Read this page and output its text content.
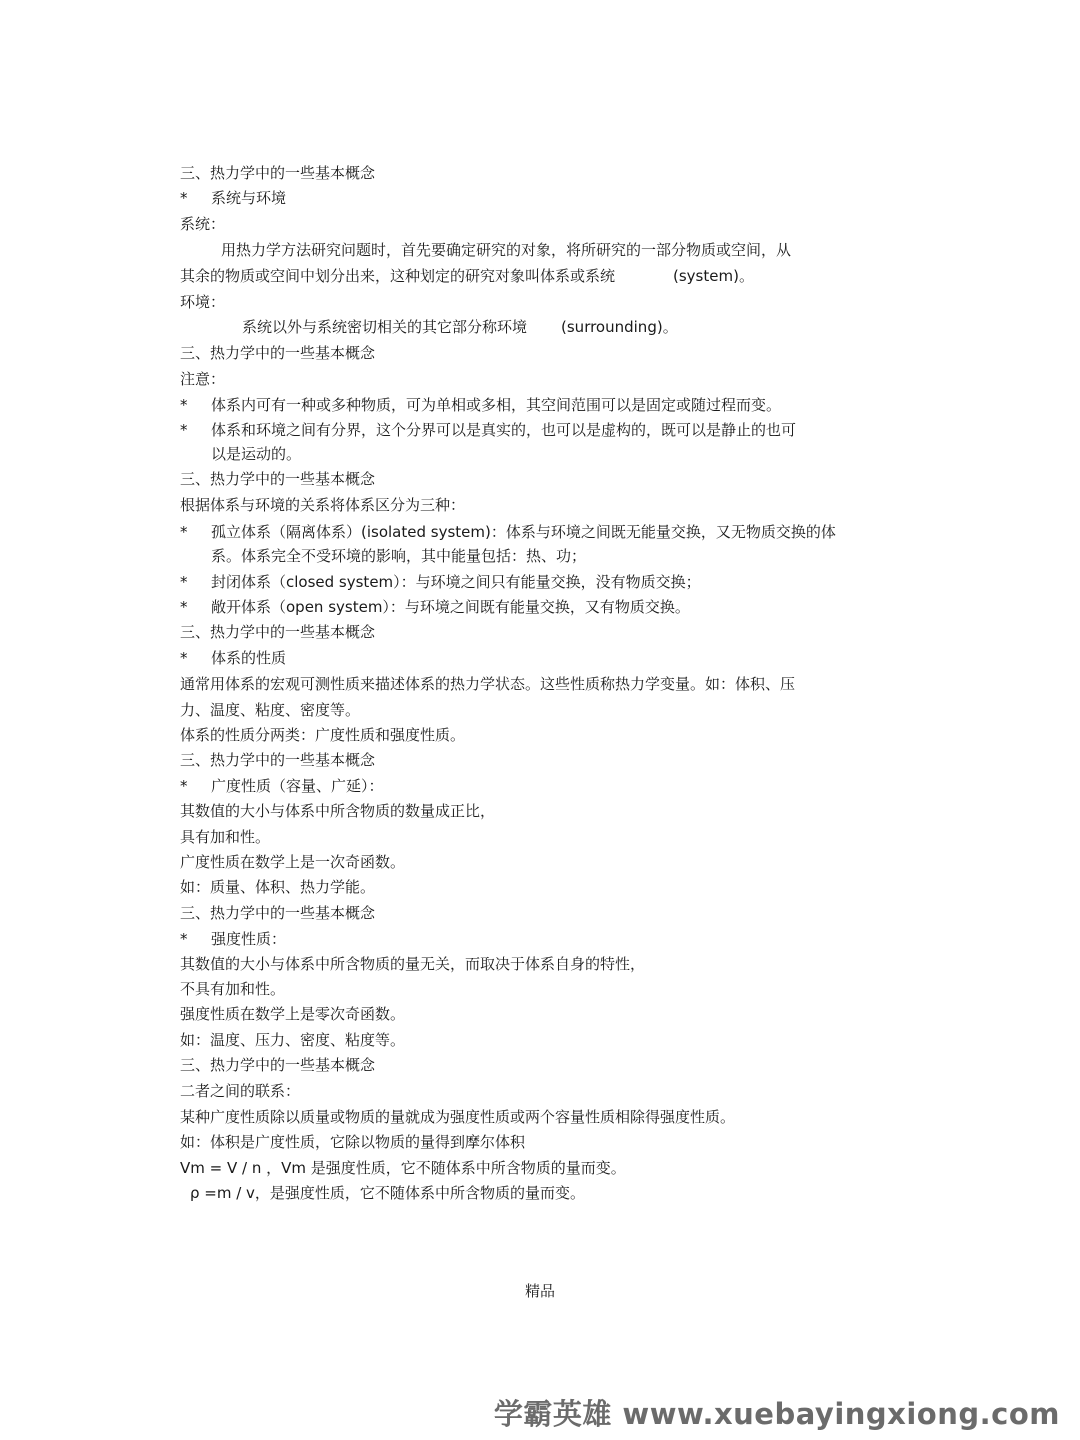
三、热力学中的一些基本概念
* 系统与环境
系统：
用热力学方法研究问题时，首先要确定研究的对象，将所研究的一部分物质或空间，从
其余的物质或空间中划分出来，这种划定的研究对象叫体系或系统	(system)。
环境：
系统以外与系统密切相关的其它部分称环境 (surrounding)。
三、热力学中的一些基本概念
注意：
* 体系内可有一种或多种物质，可为单相或多相，其空间范围可以是固定或随过程而变。
* 体系和环境之间有分界，这个分界可以是真实的，也可以是虚构的，既可以是静止的也可
以是运动的。
三、热力学中的一些基本概念
根据体系与环境的关系将体系区分为三种：
* 孤立体系（隔离体系）(isolated system)：体系与环境之间既无能量交换，又无物质交换的体
系。体系完全不受环境的影响，其中能量包括：热、功；
* 封闭体系（closed system）：与环境之间只有能量交换，没有物质交换；
* 敞开体系（open system）：与环境之间既有能量交换，又有物质交换。
三、热力学中的一些基本概念
* 体系的性质
通常用体系的宏观可测性质来描述体系的热力学状态。这些性质称热力学变量。如：体积、压
力、温度、粘度、密度等。
体系的性质分两类：广度性质和强度性质。
三、热力学中的一些基本概念
* 广度性质（容量、广延）：
其数值的大小与体系中所含物质的数量成正比，
具有加和性。
广度性质在数学上是一次奇函数。
如：质量、体积、热力学能。
三、热力学中的一些基本概念
* 强度性质：
其数值的大小与体系中所含物质的量无关，而取决于体系自身的特性，
不具有加和性。
强度性质在数学上是零次奇函数。
如：温度、压力、密度、粘度等。
三、热力学中的一些基本概念
二者之间的联系：
某种广度性质除以质量或物质的量就成为强度性质或两个容量性质相除得强度性质。
如：体积是广度性质，它除以物质的量得到摩尔体积
Vm = V / n ，Vm 是强度性质，它不随体系中所含物质的量而变。
ρ =m / v，是强度性质，它不随体系中所含物质的量而变。
精品
学霸英雄 www.xuebayingxiong.com
